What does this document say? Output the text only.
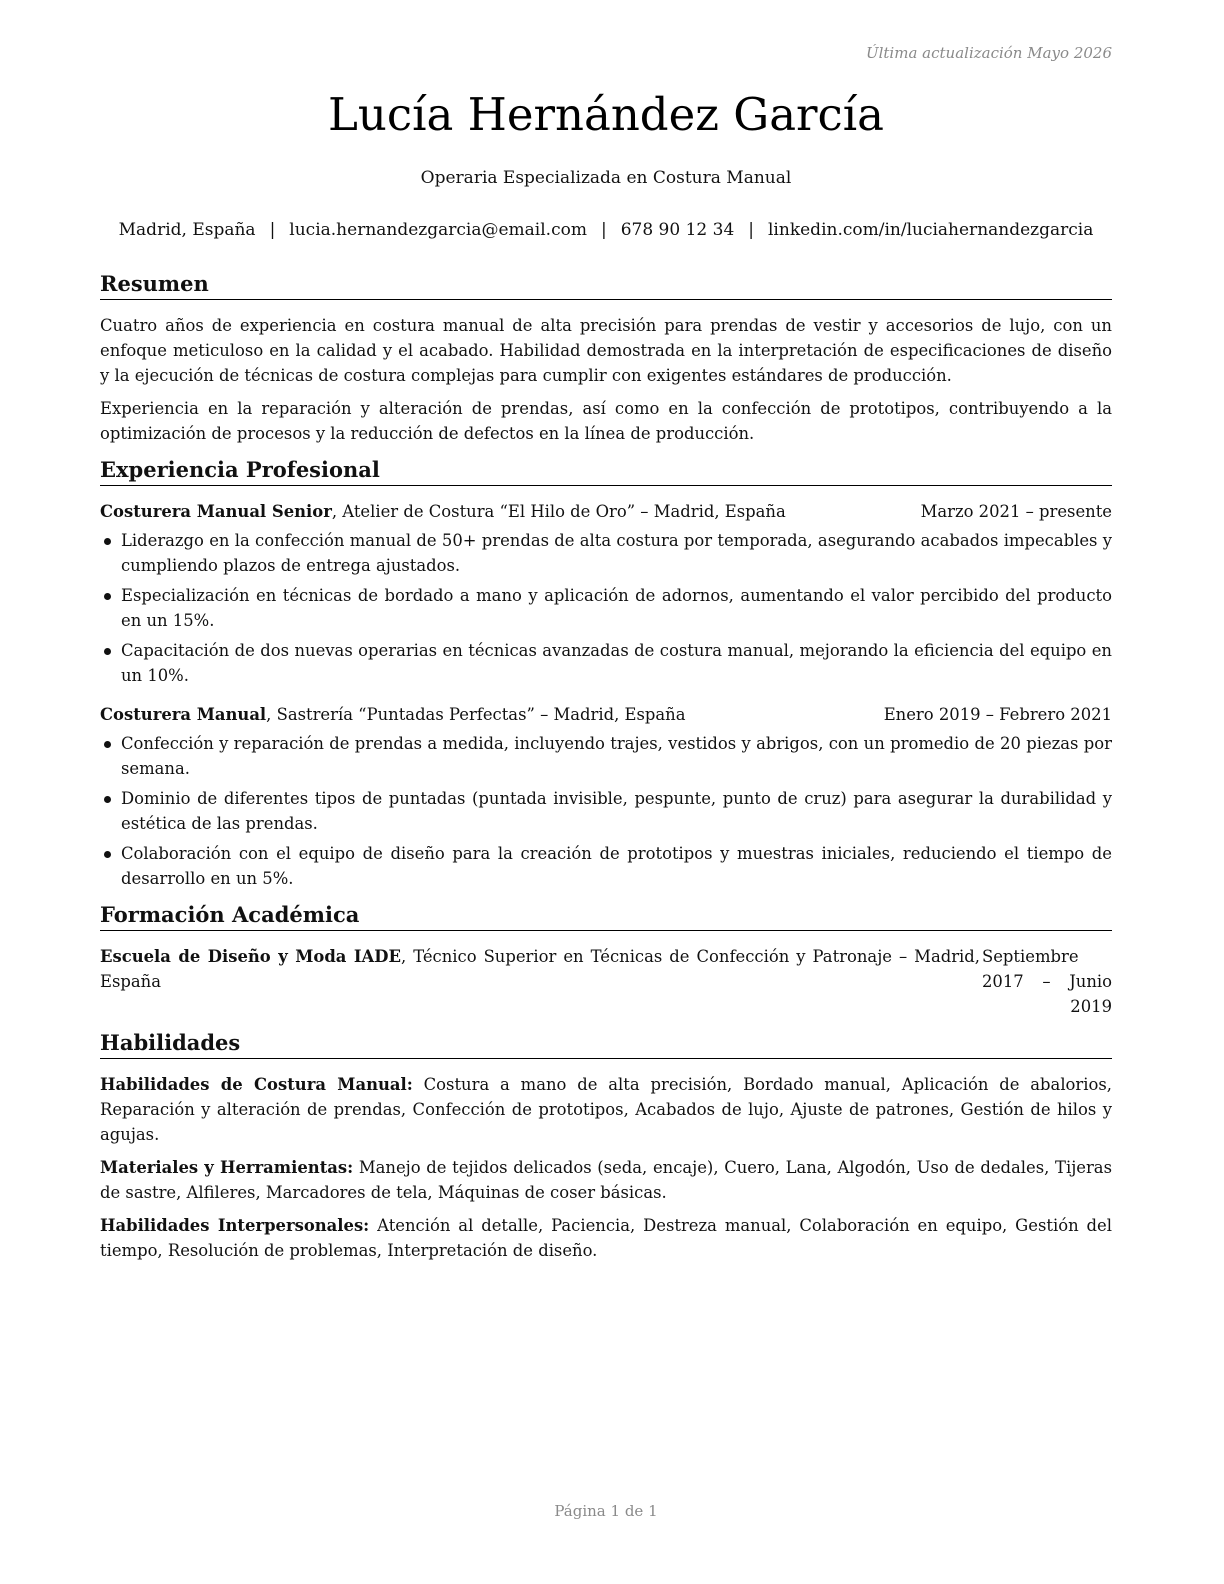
Última actualización Mayo 2026
Lucía Hernández García
Operaria Especializada en Costura Manual
Madrid, España | lucia.hernandezgarcia@email.com | 678 90 12 34 | linkedin.com/in/luciahernandezgarcia
Resumen

Cuatro años de experiencia en costura manual de alta precisión para prendas de vestir y accesorios de lujo, con un enfoque meticuloso en la calidad y el acabado. Habilidad demostrada en la interpretación de especificaciones de diseño y la ejecución de técnicas de costura complejas para cumplir con exigentes estándares de producción.

Experiencia en la reparación y alteración de prendas, así como en la confección de prototipos, contribuyendo a la optimización de procesos y la reducción de defectos en la línea de producción.

Experiencia Profesional
Costurera Manual Senior, Atelier de Costura “El Hilo de Oro” – Madrid, España	Marzo 2021 – presente
Liderazgo en la confección manual de 50+ prendas de alta costura por temporada, asegurando acabados impecables y cumpliendo plazos de entrega ajustados.
Especialización en técnicas de bordado a mano y aplicación de adornos, aumentando el valor percibido del producto en un 15%.
Capacitación de dos nuevas operarias en técnicas avanzadas de costura manual, mejorando la eficiencia del equipo en un 10%.
Costurera Manual, Sastrería “Puntadas Perfectas” – Madrid, España	Enero 2019 – Febrero 2021
Confección y reparación de prendas a medida, incluyendo trajes, vestidos y abrigos, con un promedio de 20 piezas por semana.
Dominio de diferentes tipos de puntadas (puntada invisible, pespunte, punto de cruz) para asegurar la durabilidad y estética de las prendas.
Colaboración con el equipo de diseño para la creación de prototipos y muestras iniciales, reduciendo el tiempo de desarrollo en un 5%.
Formación Académica
Escuela de Diseño y Moda IADE, Técnico Superior en Técnicas de Confección y Patronaje – Madrid, España
Septiembre 2017 – Junio 2019
Habilidades

Habilidades de Costura Manual: Costura a mano de alta precisión, Bordado manual, Aplicación de abalorios, Reparación y alteración de prendas, Confección de prototipos, Acabados de lujo, Ajuste de patrones, Gestión de hilos y agujas.

Materiales y Herramientas: Manejo de tejidos delicados (seda, encaje), Cuero, Lana, Algodón, Uso de dedales, Tijeras de sastre, Alfileres, Marcadores de tela, Máquinas de coser básicas.

Habilidades Interpersonales: Atención al detalle, Paciencia, Destreza manual, Colaboración en equipo, Gestión del tiempo, Resolución de problemas, Interpretación de diseño.

Página 1 de 1
